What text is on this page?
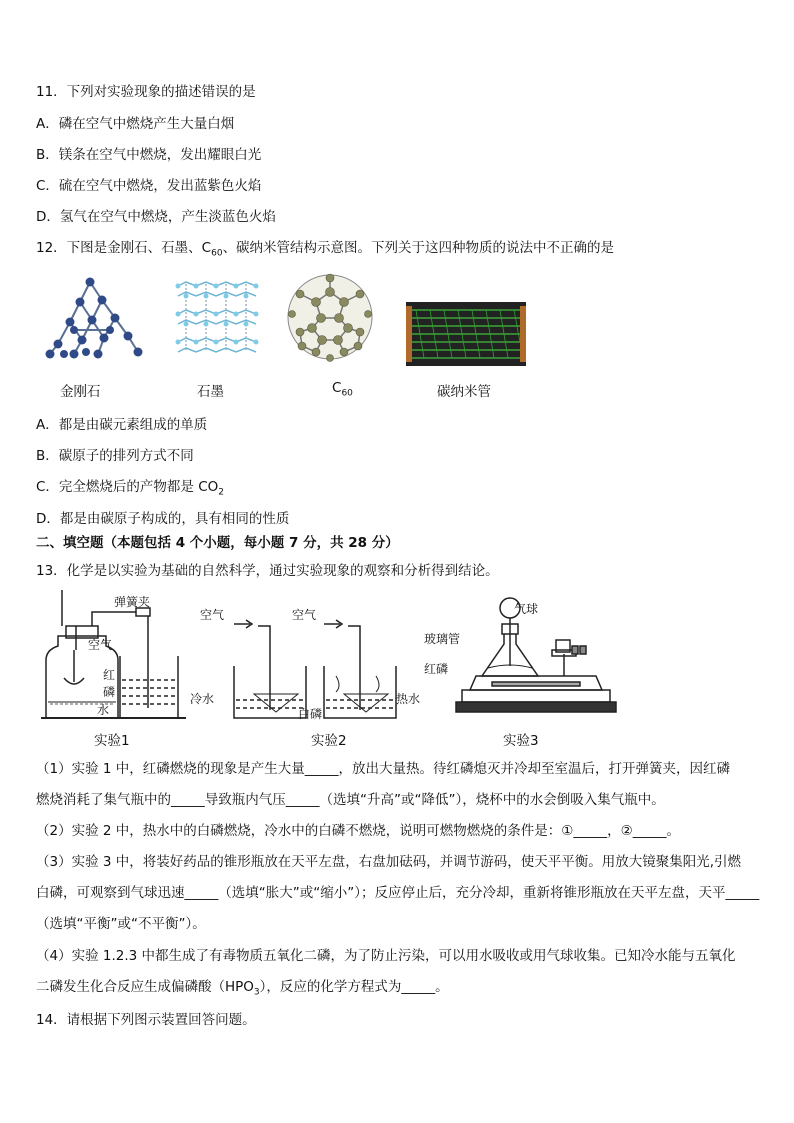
11．下列对实验现象的描述错误的是
A．磷在空气中燃烧产生大量白烟
B．镁条在空气中燃烧，发出耀眼白光
C．硫在空气中燃烧，发出蓝紫色火焰
D．氢气在空气中燃烧，产生淡蓝色火焰
12．下图是金刚石、石墨、$C_{60}$、碳纳米管结构示意图。下列关于这四种物质的说法中不正确的是
金刚石	石墨	$C_{60}$	碳纳米管
A．都是由碳元素组成的单质
B．碳原子的排列方式不同
C．完全燃烧后的产物都是 $CO_2$
D．都是由碳原子构成的，具有相同的性质
二、填空题（本题包括 4 个小题，每小题 7 分，共 28 分）
13．化学是以实验为基础的自然科学，通过实验现象的观察和分析得到结论。
弹簧夹
空气
红
磷
水
实验1
空气	空气
冷水
白磷
热水
实验2
气球
玻璃管
红磷
实验3
（1）实验 1 中，红磷燃烧的现象是产生大量_____，放出大量热。待红磷熄灭并冷却至室温后，打开弹簧夹，因红磷
燃烧消耗了集气瓶中的_____导致瓶内气压_____（选填“升高”或“降低”），烧杯中的水会倒吸入集气瓶中。
（2）实验 2 中，热水中的白磷燃烧，冷水中的白磷不燃烧，说明可燃物燃烧的条件是：①_____，②_____。
（3）实验 3 中，将装好药品的锥形瓶放在天平左盘，右盘加砝码，并调节游码，使天平平衡。用放大镜聚集阳光,引燃
白磷，可观察到气球迅速_____（选填“胀大”或“缩小”）；反应停止后，充分冷却，重新将锥形瓶放在天平左盘，天平_____
（选填“平衡”或“不平衡”）。
（4）实验 1.2.3 中都生成了有毒物质五氧化二磷，为了防止污染，可以用水吸收或用气球收集。已知冷水能与五氧化
二磷发生化合反应生成偏磷酸$(HPO_3)$，反应的化学方程式为_____。
14．请根据下列图示装置回答问题。
